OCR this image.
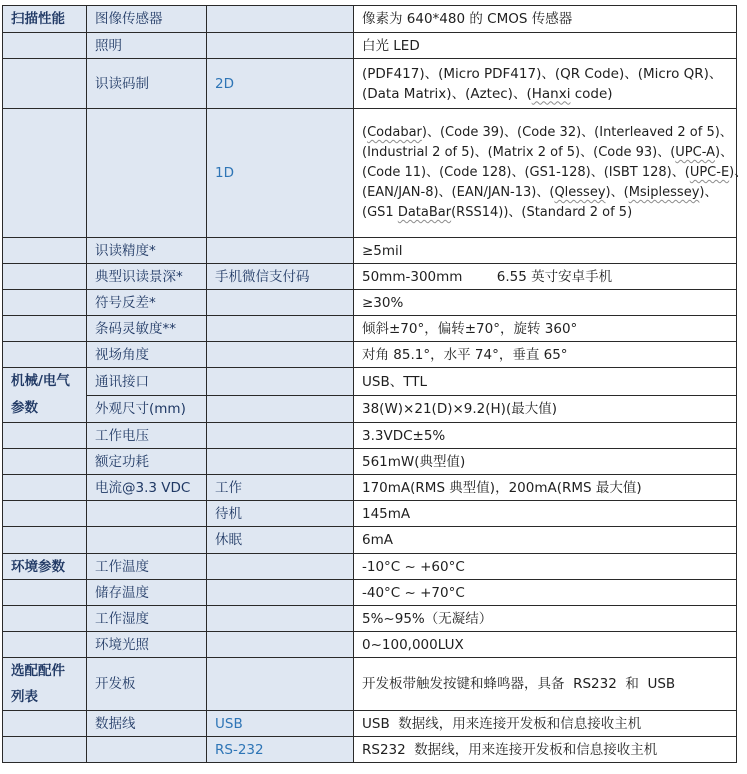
扫描性能	图像传感器		像素为 640*480 的 CMOS 传感器
	照明		白光 LED
	识读码制	2D	(PDF417)、(Micro PDF417)、(QR Code)、(Micro QR)、
(Data Matrix)、(Aztec)、(Hanxi code)

		1D	(Codabar)、(Code 39)、(Code 32)、(Interleaved 2 of 5)、
(Industrial 2 of 5)、(Matrix 2 of 5)、(Code 93)、(UPC-A)、
(Code 11)、(Code 128)、(GS1-128)、(ISBT 128)、(UPC-E)、
(EAN/JAN-8)、(EAN/JAN-13)、(Qlessey)、(Msiplessey)、
(GS1 DataBar(RSS14))、(Standard 2 of 5)

	识读精度*		≥5mil
	典型识读景深*	手机微信支付码	50mm-300mm        6.55 英寸安卓手机
	符号反差*		≥30%
	条码灵敏度**		倾斜±70°，偏转±70°，旋转 360°
	视场角度		对角 85.1°，水平 74°，垂直 65°

机械/电气
参数	通讯接口		USB、TTL
	外观尺寸(mm)		38(W)×21(D)×9.2(H)(最大值)
	工作电压		3.3VDC±5%
	额定功耗		561mW(典型值)
	电流@3.3 VDC	工作	170mA(RMS 典型值)，200mA(RMS 最大值)
		待机	145mA
		休眠	6mA
环境参数	工作温度		-10°C ~ +60°C
	储存温度		-40°C ~ +70°C
	工作湿度		5%~95%（无凝结）
	环境光照		0~100,000LUX

选配配件
列表	开发板		开发板带触发按键和蜂鸣器，具备  RS232  和  USB
	数据线	USB	USB  数据线，用来连接开发板和信息接收主机
		RS-232	RS232  数据线，用来连接开发板和信息接收主机
